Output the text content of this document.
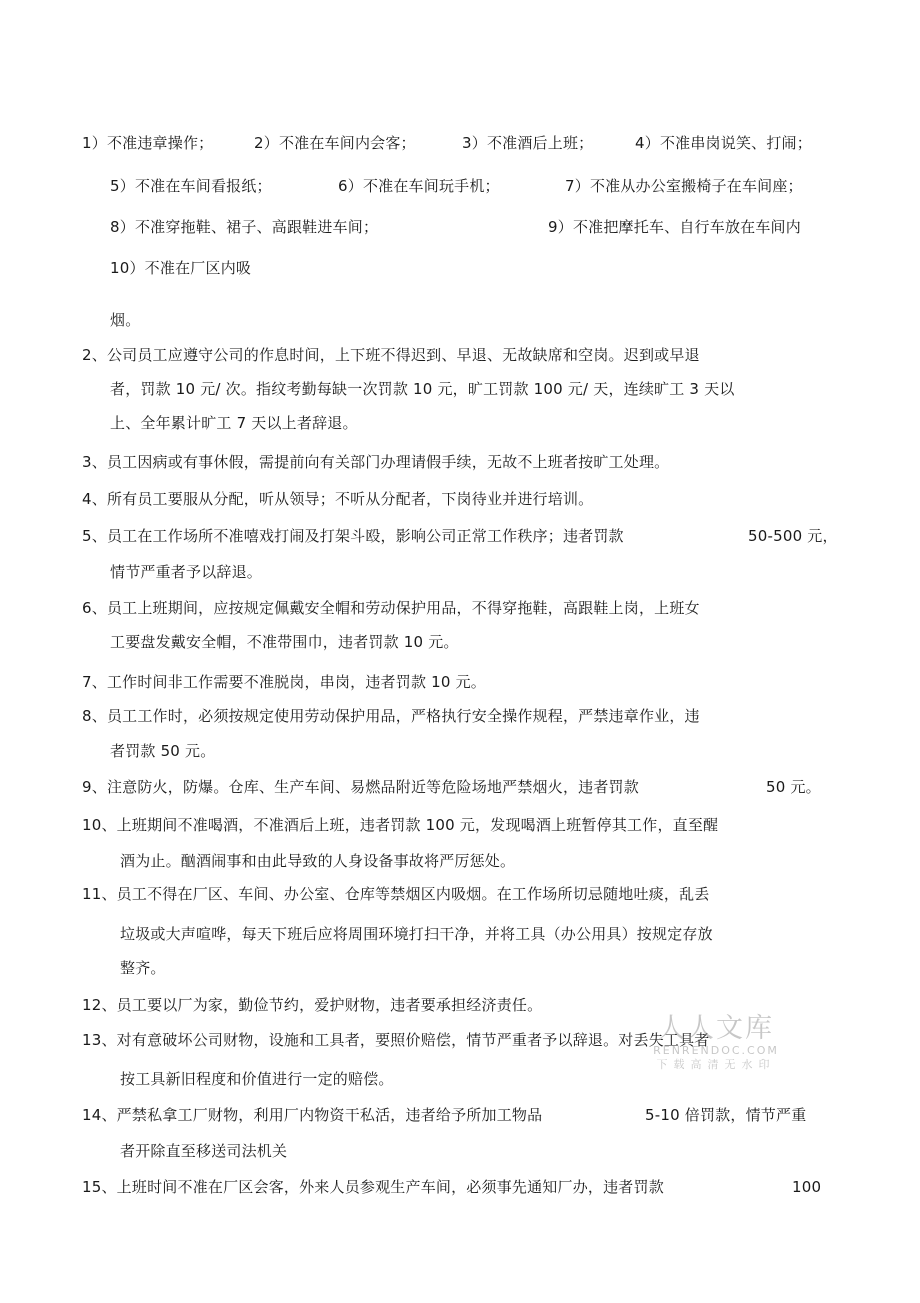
1）不准违章操作；	2）不准在车间内会客；	3）不准酒后上班；	4）不准串岗说笑、打闹；
5）不准在车间看报纸；	6）不准在车间玩手机；	7）不准从办公室搬椅子在车间座；
8）不准穿拖鞋、裙子、高跟鞋进车间；	9）不准把摩托车、自行车放在车间内
10）不准在厂区内吸
烟。
2、公司员工应遵守公司的作息时间，上下班不得迟到、早退、无故缺席和空岗。迟到或早退
者，罚款 10 元/ 次。指纹考勤每缺一次罚款 10 元，旷工罚款 100 元/ 天，连续旷工 3 天以
上、全年累计旷工 7 天以上者辞退。
3、员工因病或有事休假，需提前向有关部门办理请假手续，无故不上班者按旷工处理。
4、所有员工要服从分配，听从领导；不听从分配者，下岗待业并进行培训。
5、员工在工作场所不准嘻戏打闹及打架斗殴，影响公司正常工作秩序；违者罚款	50-500 元，
情节严重者予以辞退。
6、员工上班期间，应按规定佩戴安全帽和劳动保护用品，不得穿拖鞋，高跟鞋上岗，上班女
工要盘发戴安全帽，不准带围巾，违者罚款 10 元。
7、工作时间非工作需要不准脱岗，串岗，违者罚款 10 元。
8、员工工作时，必须按规定使用劳动保护用品，严格执行安全操作规程，严禁违章作业，违
者罚款 50 元。
9、注意防火，防爆。仓库、生产车间、易燃品附近等危险场地严禁烟火，违者罚款	50 元。
10、上班期间不准喝酒，不准酒后上班，违者罚款 100 元，发现喝酒上班暂停其工作，直至醒
酒为止。酗酒闹事和由此导致的人身设备事故将严厉惩处。
11、员工不得在厂区、车间、办公室、仓库等禁烟区内吸烟。在工作场所切忌随地吐痰，乱丢
垃圾或大声喧哗，每天下班后应将周围环境打扫干净，并将工具（办公用具）按规定存放
整齐。
12、员工要以厂为家，勤俭节约，爱护财物，违者要承担经济责任。
13、对有意破坏公司财物，设施和工具者，要照价赔偿，情节严重者予以辞退。对丢失工具者
按工具新旧程度和价值进行一定的赔偿。
14、严禁私拿工厂财物，利用厂内物资干私活，违者给予所加工物品	5-10 倍罚款，情节严重
者开除直至移送司法机关
15、上班时间不准在厂区会客，外来人员参观生产车间，必须事先通知厂办，违者罚款	100
人人文库
RENRENDOC.COM
下载高清无水印
